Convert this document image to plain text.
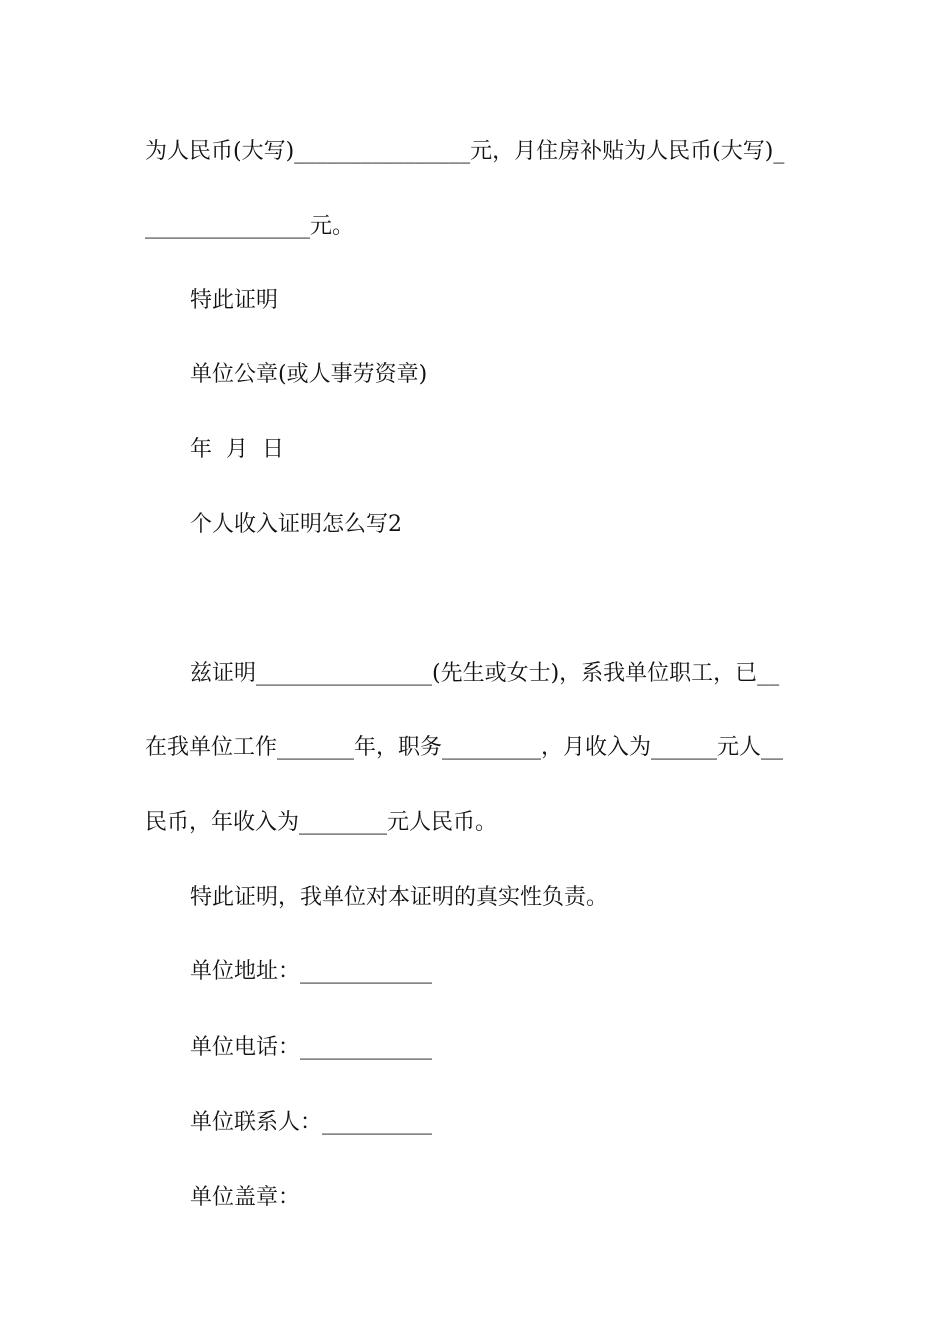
为人民币(大写)________________元，月住房补贴为人民币(大写)_
_______________元。
特此证明
单位公章(或人事劳资章)
年  月  日
个人收入证明怎么写2
兹证明________________(先生或女士)，系我单位职工，已__
在我单位工作_______年，职务_________，月收入为______元人__
民币，年收入为________元人民币。
特此证明，我单位对本证明的真实性负责。
单位地址：____________
单位电话：____________
单位联系人：__________
单位盖章：
